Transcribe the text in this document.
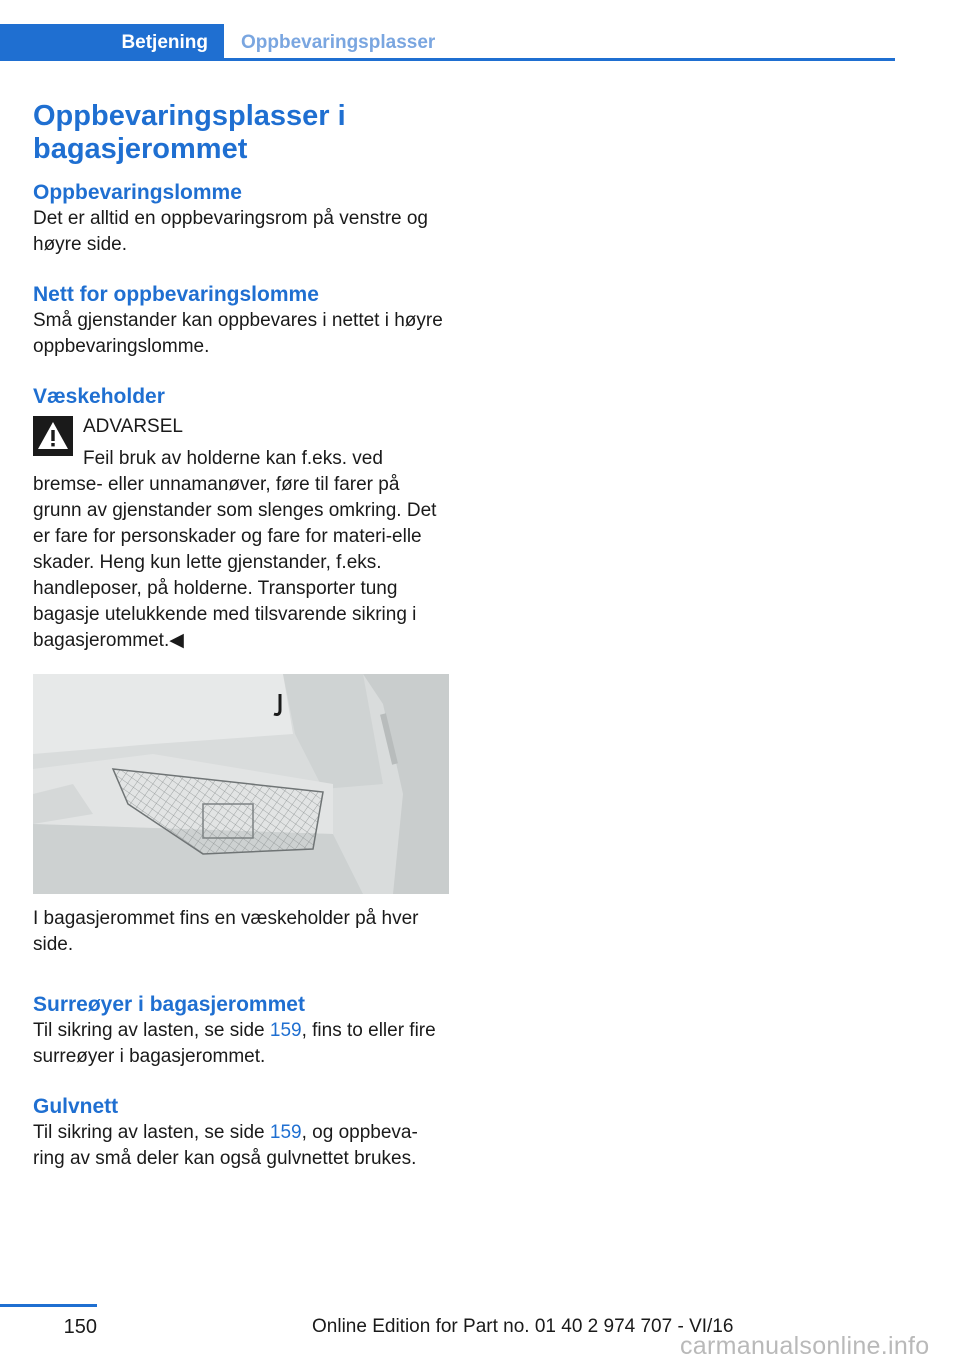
Betjening	Oppbevaringsplasser
Oppbevaringsplasser i bagasjerommet
Oppbevaringslomme

Det er alltid en oppbevaringsrom på venstre og høyre side.

Nett for oppbevaringslomme

Små gjenstander kan oppbevares i nettet i høyre oppbevaringslomme.

Væskeholder

ADVARSEL

Feil bruk av holderne kan f.eks. ved

bremse- eller unnamanøver, føre til farer på grunn av gjenstander som slenges omkring. Det er fare for personskader og fare for materi-elle skader. Heng kun lette gjenstander, f.eks. handleposer, på holderne. Transporter tung bagasje utelukkende med tilsvarende sikring i bagasjerommet.◀

I bagasjerommet fins en væskeholder på hver side.

Surreøyer i bagasjerommet

Til sikring av lasten, se side 159, fins to eller fire surreøyer i bagasjerommet.

Gulvnett

Til sikring av lasten, se side 159, og oppbeva-ring av små deler kan også gulvnettet brukes.

150	Online Edition for Part no. 01 40 2 974 707 - VI/16
carmanualsonline.info
